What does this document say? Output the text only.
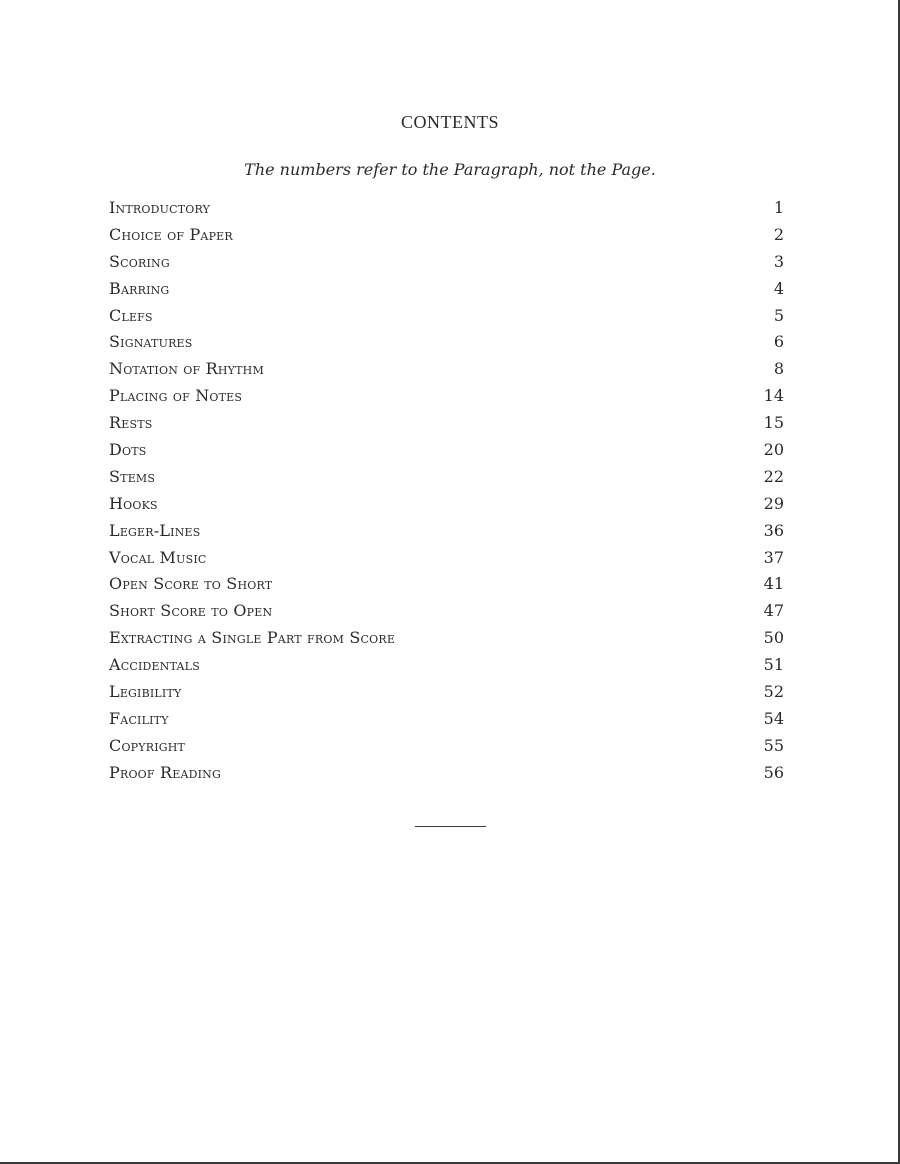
CONTENTS
The numbers refer to the Paragraph, not the Page.
Introductory	1
Choice of Paper	2
Scoring	3
Barring	4
Clefs	5
Signatures	6
Notation of Rhythm	8
Placing of Notes	14
Rests	15
Dots	20
Stems	22
Hooks	29
Leger-Lines	36
Vocal Music	37
Open Score to Short	41
Short Score to Open	47
Extracting a Single Part from Score	50
Accidentals	51
Legibility	52
Facility	54
Copyright	55
Proof Reading	56
